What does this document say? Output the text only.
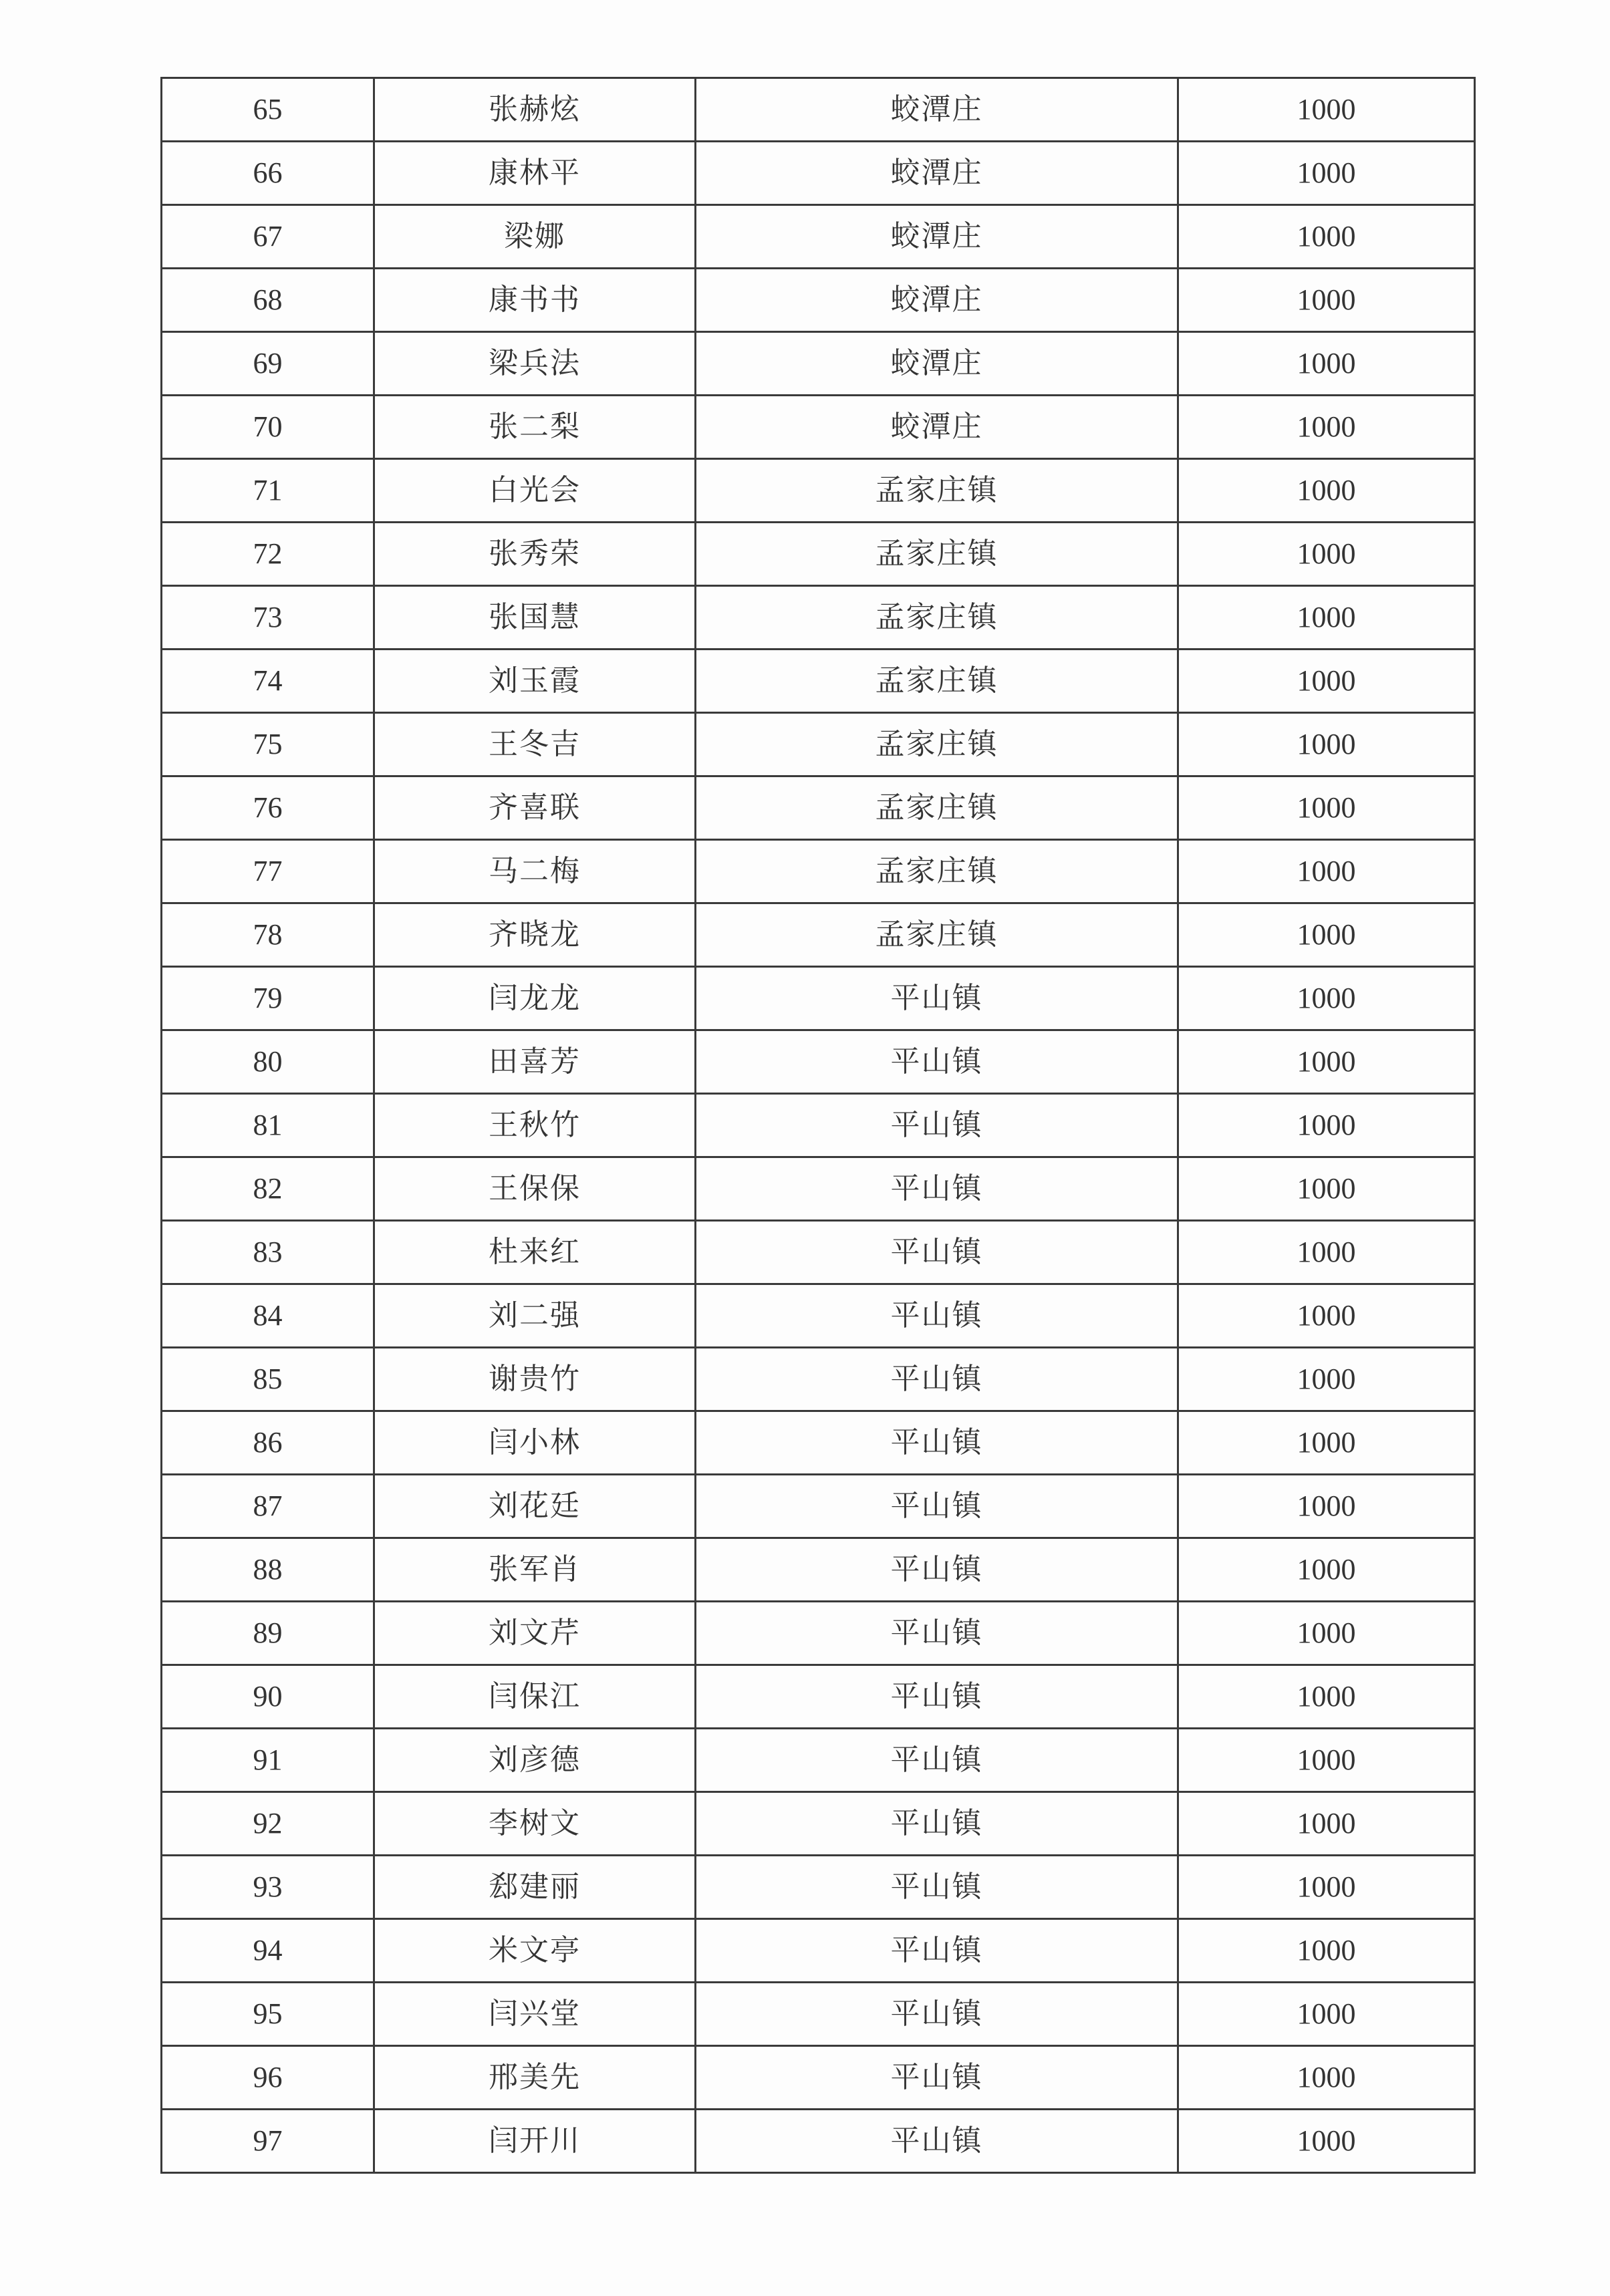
65	张赫炫	蛟潭庄	1000
66	康林平	蛟潭庄	1000
67	梁娜	蛟潭庄	1000
68	康书书	蛟潭庄	1000
69	梁兵法	蛟潭庄	1000
70	张二梨	蛟潭庄	1000
71	白光会	孟家庄镇	1000
72	张秀荣	孟家庄镇	1000
73	张国慧	孟家庄镇	1000
74	刘玉霞	孟家庄镇	1000
75	王冬吉	孟家庄镇	1000
76	齐喜联	孟家庄镇	1000
77	马二梅	孟家庄镇	1000
78	齐晓龙	孟家庄镇	1000
79	闫龙龙	平山镇	1000
80	田喜芳	平山镇	1000
81	王秋竹	平山镇	1000
82	王保保	平山镇	1000
83	杜来红	平山镇	1000
84	刘二强	平山镇	1000
85	谢贵竹	平山镇	1000
86	闫小林	平山镇	1000
87	刘花廷	平山镇	1000
88	张军肖	平山镇	1000
89	刘文芹	平山镇	1000
90	闫保江	平山镇	1000
91	刘彦德	平山镇	1000
92	李树文	平山镇	1000
93	郄建丽	平山镇	1000
94	米文亭	平山镇	1000
95	闫兴堂	平山镇	1000
96	邢美先	平山镇	1000
97	闫开川	平山镇	1000
